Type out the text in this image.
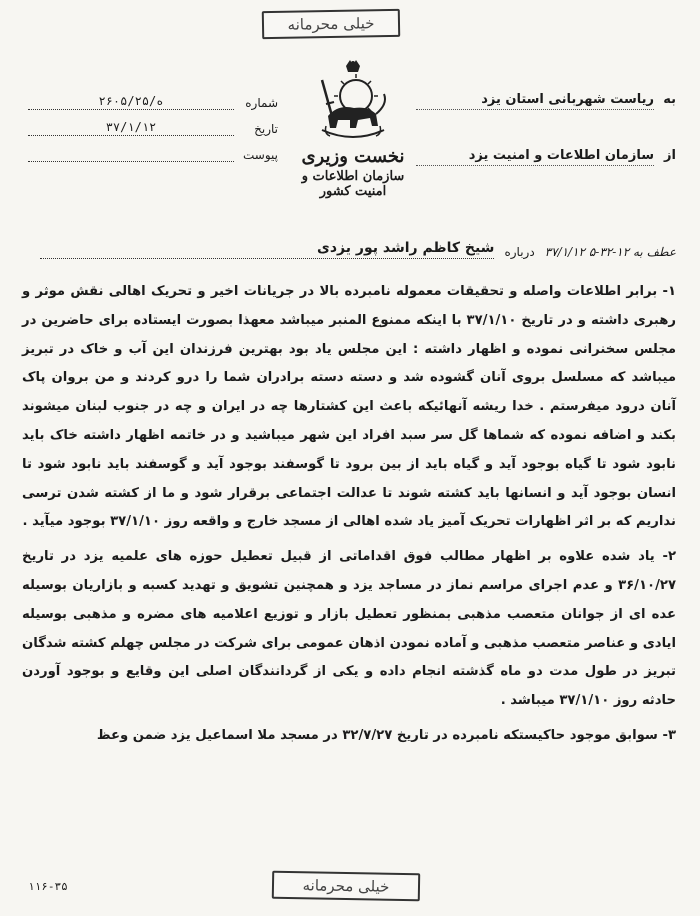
خیلی محرمانه
شماره
۲۶۰۵/۲۵/ه
تاریخ
۳۷/۱/۱۲
پیوست نخست وزیری
سازمان اطلاعات و امنیت کشور
به
ریاست شهربانی استان یزد
از
سازمان اطلاعات و امنیت یزد
عطف به ۱۲-۳۲-۵ ۳۷/۱/۱۲
درباره
شیخ کاظم راشد پور یزدی

۱- برابر اطلاعات واصله و تحقیقات معموله نامبرده بالا در جریانات اخیر و تحریک اهالی نقش موثر و رهبری داشته و در تاریخ ۳۷/۱/۱۰ با اینکه ممنوع المنبر میباشد معهذا بصورت ایستاده برای حاضرین در مجلس سخنرانی نموده و اظهار داشته : این مجلس یاد بود بهترین فرزندان این آب و خاک در تبریز میباشد که مسلسل بروی آنان گشوده شد و دسته دسته برادران شما را درو کردند و من بروان پاک آنان درود میفرستم . خدا ریشه آنهائیکه باعث این کشتارها چه در ایران و چه در جنوب لبنان میشوند بکند و اضافه نموده که شماها گل سر سبد افراد این شهر میباشید و در خاتمه اظهار داشته خاک باید نابود شود تا گیاه بوجود آید و گیاه باید از بین برود تا گوسفند بوجود آید و گوسفند باید نابود شود تا انسان بوجود آید و انسانها باید کشته شوند تا عدالت اجتماعی برقرار شود و ما از کشته شدن ترسی نداریم که بر اثر اظهارات تحریک آمیز یاد شده اهالی از مسجد خارج و واقعه روز ۳۷/۱/۱۰ بوجود میآید .

۲- یاد شده علاوه بر اظهار مطالب فوق اقداماتی از قبیل تعطیل حوزه های علمیه یزد در تاریخ ۳۶/۱۰/۲۷ و عدم اجرای مراسم نماز در مساجد یزد و همچنین تشویق و تهدید کسبه و بازاریان بوسیله عده ای از جوانان متعصب مذهبی بمنظور تعطیل بازار و توزیع اعلامیه های مضره و مذهبی بوسیله ایادی و عناصر متعصب مذهبی و آماده نمودن اذهان عمومی برای شرکت در مجلس چهلم کشته شدگان تبریز در طول مدت دو ماه گذشته انجام داده و یکی از گردانندگان اصلی این وقایع و بوجود آوردن حادثه روز ۳۷/۱/۱۰ میباشد .

۳- سوابق موجود حاکیستکه نامبرده در تاریخ ۳۲/۷/۲۷ در مسجد ملا اسماعیل یزد ضمن وعظ

خیلی محرمانه
۱۱۶-۳۵
